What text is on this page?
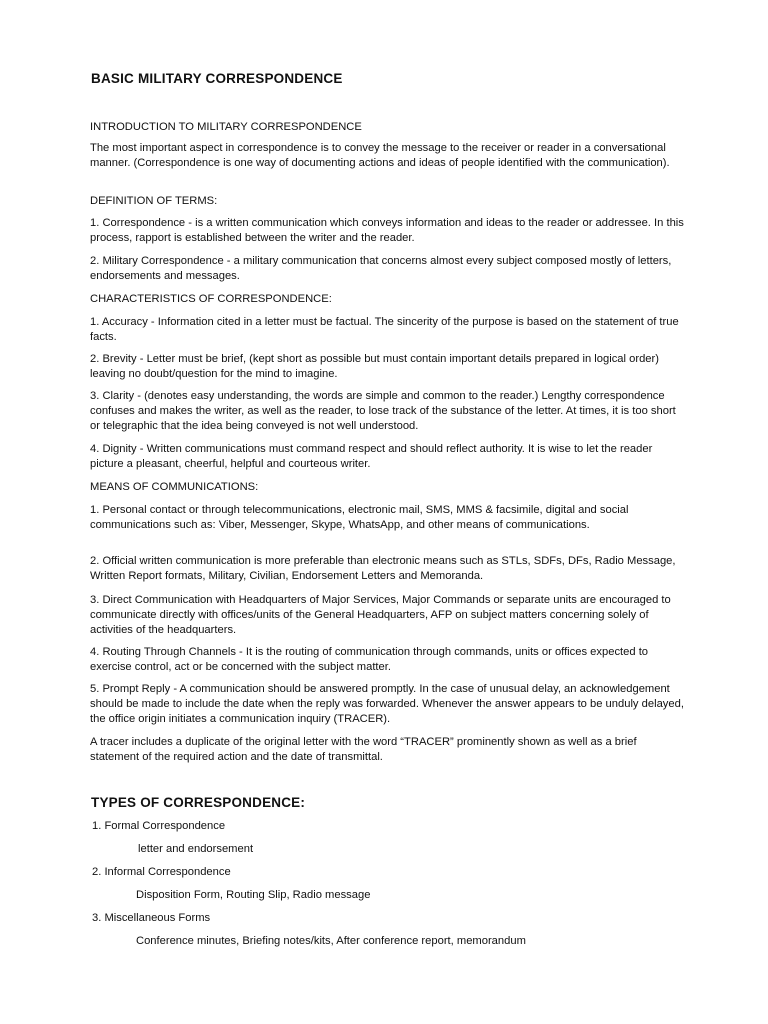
BASIC MILITARY CORRESPONDENCE
INTRODUCTION TO MILITARY CORRESPONDENCE
The most important aspect in correspondence is to convey the message to the receiver or reader in a conversational manner. (Correspondence is one way of documenting actions and ideas of people identified with the communication).
DEFINITION OF TERMS:
1. Correspondence - is a written communication which conveys information and ideas to the reader or addressee. In this process, rapport is established between the writer and the reader.
2. Military Correspondence - a military communication that concerns almost every subject composed mostly of letters, endorsements and messages.
CHARACTERISTICS OF CORRESPONDENCE:
1. Accuracy - Information cited in a letter must be factual. The sincerity of the purpose is based on the statement of true facts.
2. Brevity - Letter must be brief, (kept short as possible but must contain important details prepared in logical order) leaving no doubt/question for the mind to imagine.
3. Clarity - (denotes easy understanding, the words are simple and common to the reader.) Lengthy correspondence confuses and makes the writer, as well as the reader, to lose track of the substance of the letter. At times, it is too short or telegraphic that the idea being conveyed is not well understood.
4. Dignity - Written communications must command respect and should reflect authority. It is wise to let the reader picture a pleasant, cheerful, helpful and courteous writer.
MEANS OF COMMUNICATIONS:
1. Personal contact or through telecommunications, electronic mail, SMS, MMS & facsimile, digital and social communications such as: Viber, Messenger, Skype, WhatsApp, and other means of communications.
2. Official written communication is more preferable than electronic means such as STLs, SDFs, DFs, Radio Message, Written Report formats, Military, Civilian, Endorsement Letters and Memoranda.
3. Direct Communication with Headquarters of Major Services, Major Commands or separate units are encouraged to communicate directly with offices/units of the General Headquarters, AFP on subject matters concerning solely of activities of the headquarters.
4. Routing Through Channels - It is the routing of communication through commands, units or offices expected to exercise control, act or be concerned with the subject matter.
5. Prompt Reply - A communication should be answered promptly. In the case of unusual delay, an acknowledgement should be made to include the date when the reply was forwarded. Whenever the answer appears to be unduly delayed, the office origin initiates a communication inquiry (TRACER).
A tracer includes a duplicate of the original letter with the word “TRACER” prominently shown as well as a brief statement of the required action and the date of transmittal.
TYPES OF CORRESPONDENCE:
1. Formal Correspondence
letter and endorsement
2. Informal Correspondence
Disposition Form, Routing Slip, Radio message
3. Miscellaneous Forms
Conference minutes, Briefing notes/kits, After conference report, memorandum
